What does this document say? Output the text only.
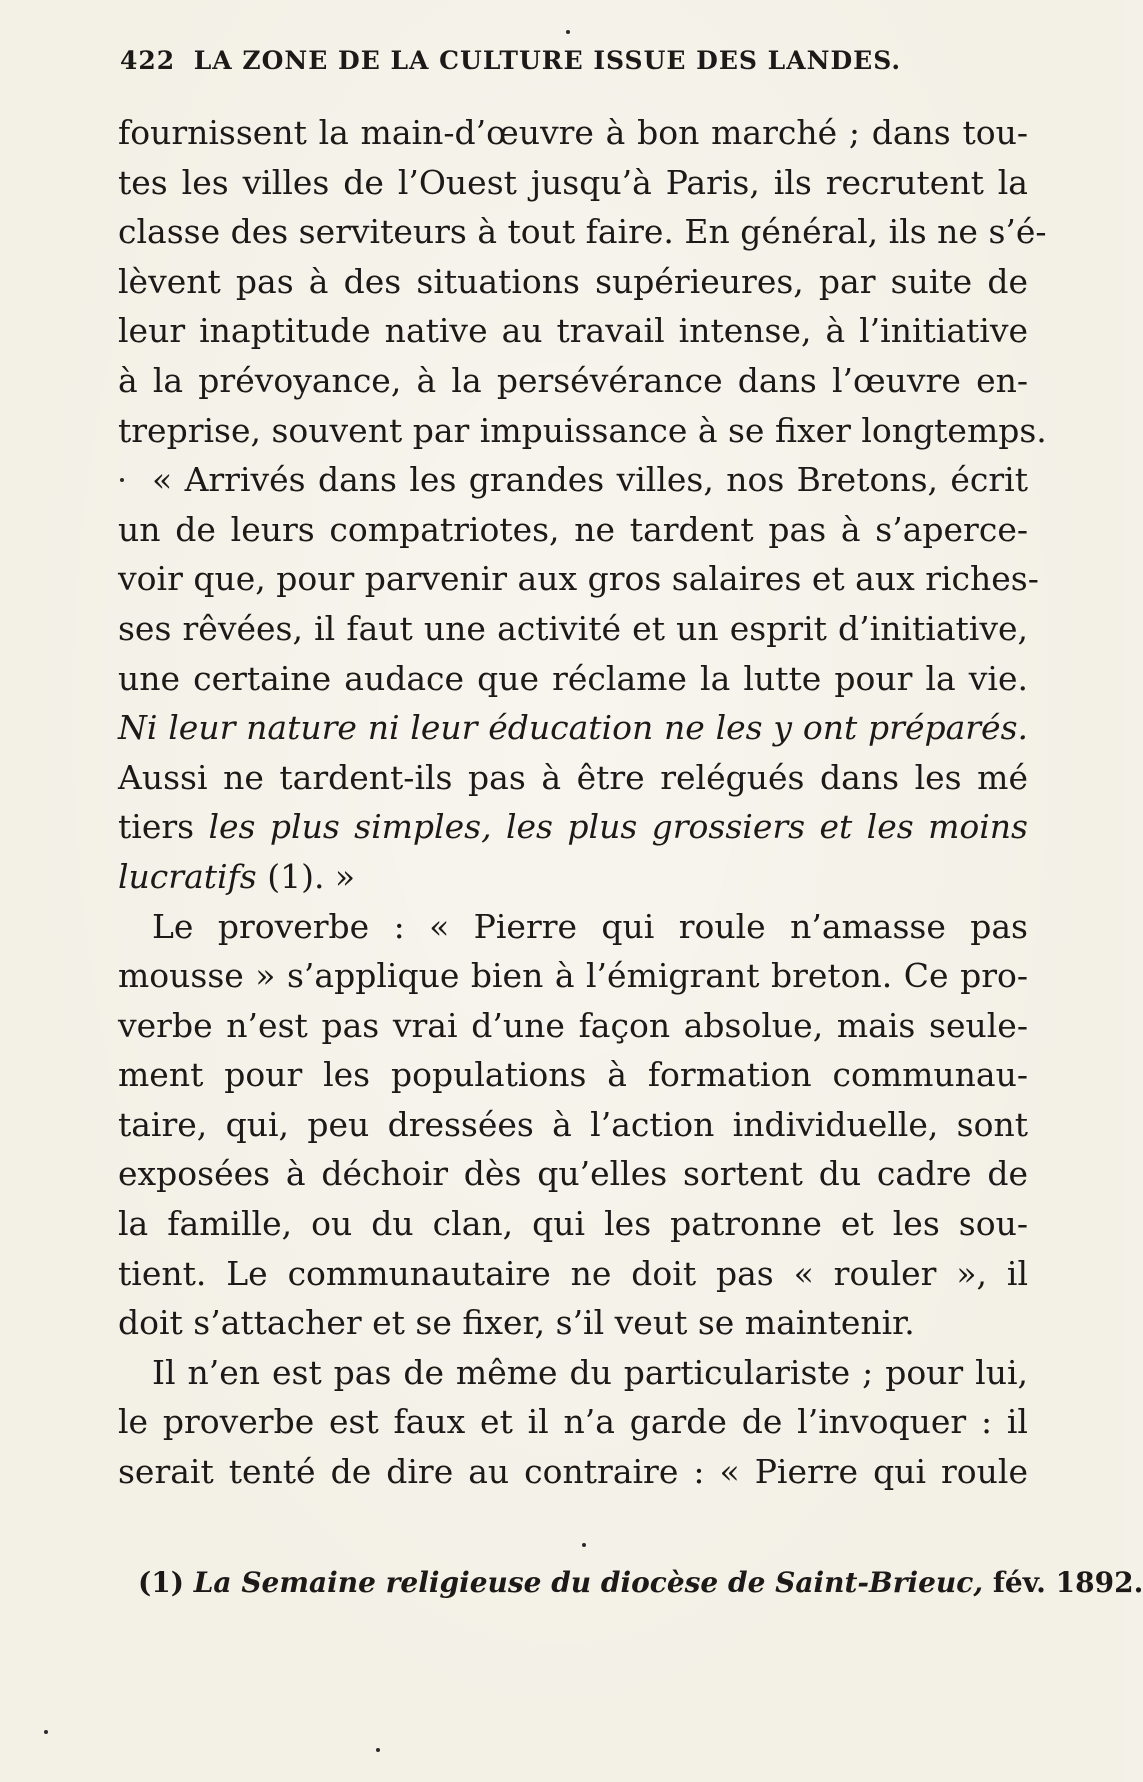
422 LA ZONE DE LA CULTURE ISSUE DES LANDES.
fournissent la main-d’œuvre à bon marché ; dans tou-
tes les villes de l’Ouest jusqu’à Paris, ils recrutent la
classe des serviteurs à tout faire. En général, ils ne s’é-
lèvent pas à des situations supérieures, par suite de
leur inaptitude native au travail intense, à l’initiative
à la prévoyance, à la persévérance dans l’œuvre en-
treprise, souvent par impuissance à se fixer longtemps.
« Arrivés dans les grandes villes, nos Bretons, écrit
un de leurs compatriotes, ne tardent pas à s’aperce-
voir que, pour parvenir aux gros salaires et aux riches-
ses rêvées, il faut une activité et un esprit d’initiative,
une certaine audace que réclame la lutte pour la vie.
Ni leur nature ni leur éducation ne les y ont préparés.
Aussi ne tardent-ils pas à être relégués dans les mé
tiers les plus simples, les plus grossiers et les moins
lucratifs (1). »
Le proverbe : « Pierre qui roule n’amasse pas
mousse » s’applique bien à l’émigrant breton. Ce pro-
verbe n’est pas vrai d’une façon absolue, mais seule-
ment pour les populations à formation communau-
taire, qui, peu dressées à l’action individuelle, sont
exposées à déchoir dès qu’elles sortent du cadre de
la famille, ou du clan, qui les patronne et les sou-
tient. Le communautaire ne doit pas « rouler », il
doit s’attacher et se fixer, s’il veut se maintenir.
Il n’en est pas de même du particulariste ; pour lui,
le proverbe est faux et il n’a garde de l’invoquer : il
serait tenté de dire au contraire : « Pierre qui roule
(1) La Semaine religieuse du diocèse de Saint-Brieuc, fév. 1892.
